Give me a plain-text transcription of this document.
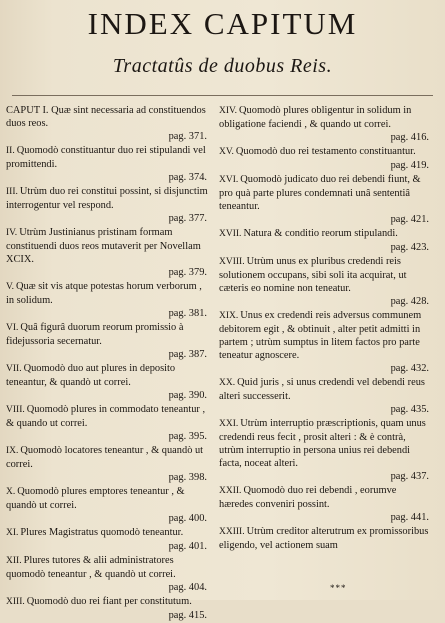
INDEX CAPITUM
Tractatûs de duobus Reis.
CAPUT I. Quæ sint necessaria ad constituendos duos reos.
pag. 371.
II. Quomodò constituantur duo rei stipulandi vel promittendi.
pag. 374.
III. Utrùm duo rei constitui possint, si disjunctim interrogentur vel respond.
pag. 377.
IV. Utrùm Justinianus pristinam formam constituendi duos reos mutaverit per Novellam XCIX.
pag. 379.
V. Quæ sit vis atque potestas horum verborum , in solidum.
pag. 381.
VI. Quâ figurâ duorum reorum promissio à fidejussoria secernatur.
pag. 387.
VII. Quomodò duo aut plures in deposito teneantur, & quandò ut correi.
pag. 390.
VIII. Quomodò plures in commodato teneantur , & quando ut correi.
pag. 395.
IX. Quomodò locatores teneantur , & quandò ut correi.
pag. 398.
X. Quomodò plures emptores teneantur , & quandò ut correi.
pag. 400.
XI. Plures Magistratus quomodò teneantur.
pag. 401.
XII. Plures tutores & alii administratores quomodò teneantur , & quandò ut correi.
pag. 404.
XIII. Quomodò duo rei fiant per constitutum.
pag. 415.
XIV. Quomodò plures obligentur in solidum in obligatione faciendi , & quando ut correi.
pag. 416.
XV. Quomodò duo rei testamento constituantur.
pag. 419.
XVI. Quomodò judicato duo rei debendi fiunt, & pro quà parte plures condemnati unâ sententiâ teneantur.
pag. 421.
XVII. Natura & conditio reorum stipulandi.
pag. 423.
XVIII. Utrùm unus ex pluribus credendi reis solutionem occupans, sibi soli ita acquirat, ut cæteris eo nomine non teneatur.
pag. 428.
XIX. Unus ex credendi reis adversus communem debitorem egit , & obtinuit , alter petit admitti in partem ; utrùm sumptus in litem factos pro parte teneatur agnoscere.
pag. 432.
XX. Quid juris , si unus credendi vel debendi reus alteri successerit.
pag. 435.
XXI. Utrùm interruptio præscriptionis, quam unus credendi reus fecit , prosit alteri : & è contrà, utrùm interruptio in persona unius rei debendi facta, noceat alteri.
pag. 437.
XXII. Quomodò duo rei debendi , eorumve hæredes conveniri possint.
pag. 441.
XXIII. Utrùm creditor alterutrum ex promissoribus eligendo, vel actionem suam
***
